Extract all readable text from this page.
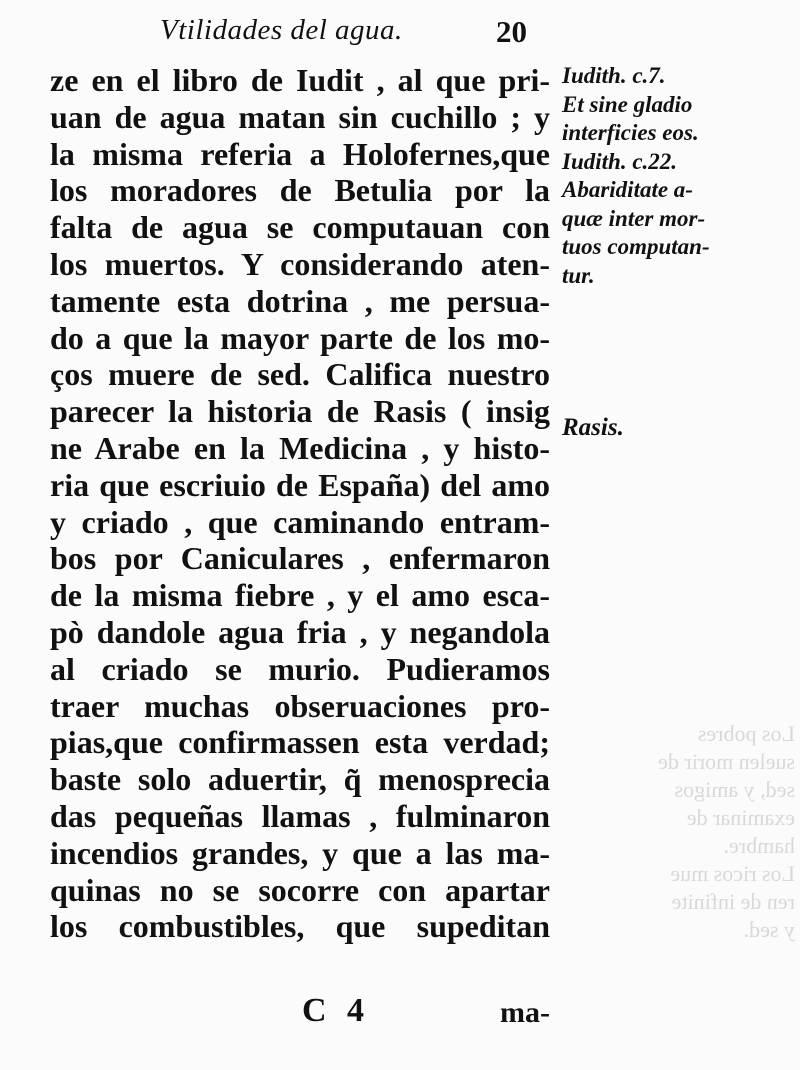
Los pobres
suelen morir de
sed, y amigos
examinar de
hambre.
Los ricos mue
ren de infinite
y sed.
Vtilidades del agua.	20
ze en el libro de Iudit , al que pri-
uan de agua matan sin cuchillo ; y
la misma referia a Holofernes,que
los moradores de Betulia por la
falta de agua se computauan con
los muertos. Y considerando aten-
tamente esta dotrina , me persua-
do a que la mayor parte de los mo-
ços muere de sed. Califica nuestro
parecer la historia de Rasis ( insig
ne Arabe en la Medicina , y histo-
ria que escriuio de España) del amo
y criado , que caminando entram-
bos por Caniculares , enfermaron
de la misma fiebre , y el amo esca-
pò dandole agua fria , y negandola
al criado se murio. Pudieramos
traer muchas obseruaciones pro-
pias,que confirmassen esta verdad;
baste solo aduertir, q̃ menospreciа
das pequeñas llamas , fulminaron
incendios grandes, y que a las ma-
quinas no se socorre con apartar
los combustibles, que supeditan
Iudith. c.7.
Et sine gladio
interficies eos.
Iudith. c.22.
Abariditate a-
quæ inter mor-
tuos computan-
tur.
Rasis.
C 4	ma-
